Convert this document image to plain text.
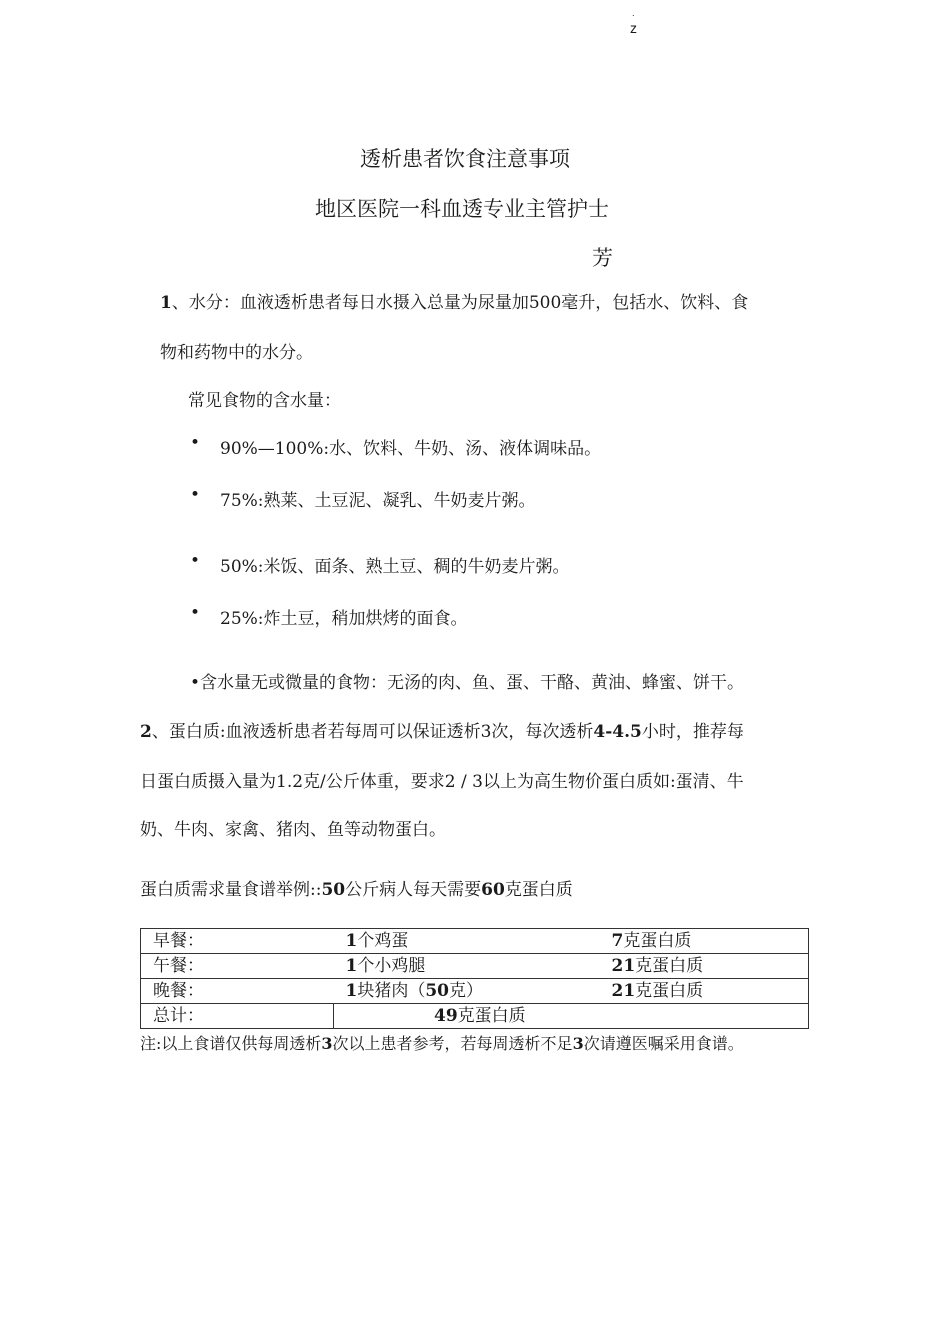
.
z
透析患者饮食注意事项
地区医院一科血透专业主管护士
芳
1、水分：血液透析患者每日水摄入总量为尿量加500毫升，包括水、饮料、食
物和药物中的水分。
常见食物的含水量：
• 90%—100%:水、饮料、牛奶、汤、液体调味品。
• 75%:熟莱、土豆泥、凝乳、牛奶麦片粥。
• 50%:米饭、面条、熟土豆、稠的牛奶麦片粥。
• 25%:炸土豆，稍加烘烤的面食。
•含水量无或微量的食物：无汤的肉、鱼、蛋、干酪、黄油、蜂蜜、饼干。
2、蛋白质:血液透析患者若每周可以保证透析3次，每次透析4-4.5小时，推荐每
日蛋白质摄入量为1.2克/公斤体重，要求2 / 3以上为高生物价蛋白质如:蛋清、牛
奶、牛肉、家禽、猪肉、鱼等动物蛋白。
蛋白质需求量食谱举例::50公斤病人每天需要60克蛋白质
早餐：	1个鸡蛋	7克蛋白质
午餐：	1个小鸡腿	21克蛋白质
晚餐：	1块猪肉（50克）	21克蛋白质
总计：	49克蛋白质	
注:以上食谱仅供每周透析3次以上患者参考，若每周透析不足3次请遵医嘱采用食谱。
